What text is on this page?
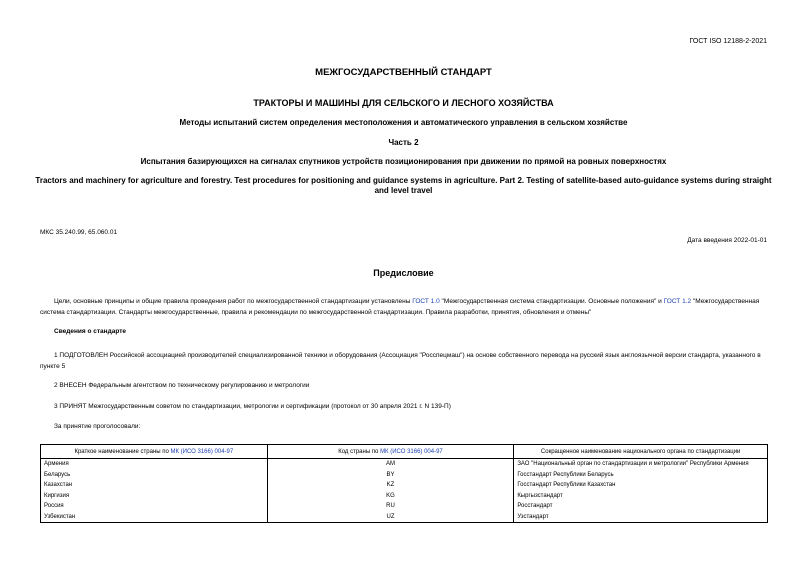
ГОСТ ISO 12188-2-2021
МЕЖГОСУДАРСТВЕННЫЙ СТАНДАРТ
ТРАКТОРЫ И МАШИНЫ ДЛЯ СЕЛЬСКОГО И ЛЕСНОГО ХОЗЯЙСТВА
Методы испытаний систем определения местоположения и автоматического управления в сельском хозяйстве
Часть 2
Испытания базирующихся на сигналах спутников устройств позиционирования при движении по прямой на ровных поверхностях
Tractors and machinery for agriculture and forestry. Test procedures for positioning and guidance systems in agriculture. Part 2. Testing of satellite-based auto-guidance systems during straight and level travel
МКС 35.240.99, 65.060.01
Дата введения 2022-01-01
Предисловие
Цели, основные принципы и общие правила проведения работ по межгосударственной стандартизации установлены ГОСТ 1.0 "Межгосударственная система стандартизации. Основные положения" и ГОСТ 1.2 "Межгосударственная система стандартизации. Стандарты межгосударственные, правила и рекомендации по межгосударственной стандартизации. Правила разработки, принятия, обновления и отмены"
Сведения о стандарте
1 ПОДГОТОВЛЕН Российской ассоциацией производителей специализированной техники и оборудования (Ассоциация "Росспецмаш") на основе собственного перевода на русский язык англоязычной версии стандарта, указанного в пункте 5
2 ВНЕСЕН Федеральным агентством по техническому регулированию и метрологии
3 ПРИНЯТ Межгосударственным советом по стандартизации, метрологии и сертификации (протокол от 30 апреля 2021 г. N 139-П)
За принятие проголосовали:
Краткое наименование страны по МК (ИСО 3166) 004-97	Код страны по МК (ИСО 3166) 004-97	Сокращенное наименование национального органа по стандартизации
Армения	AM	ЗАО "Национальный орган по стандартизации и метрологии" Республики Армения
Беларусь	BY	Госстандарт Республики Беларусь
Казахстан	KZ	Госстандарт Республики Казахстан
Киргизия	KG	Кыргызстандарт
Россия	RU	Росстандарт
Узбекистан	UZ	Узстандарт
